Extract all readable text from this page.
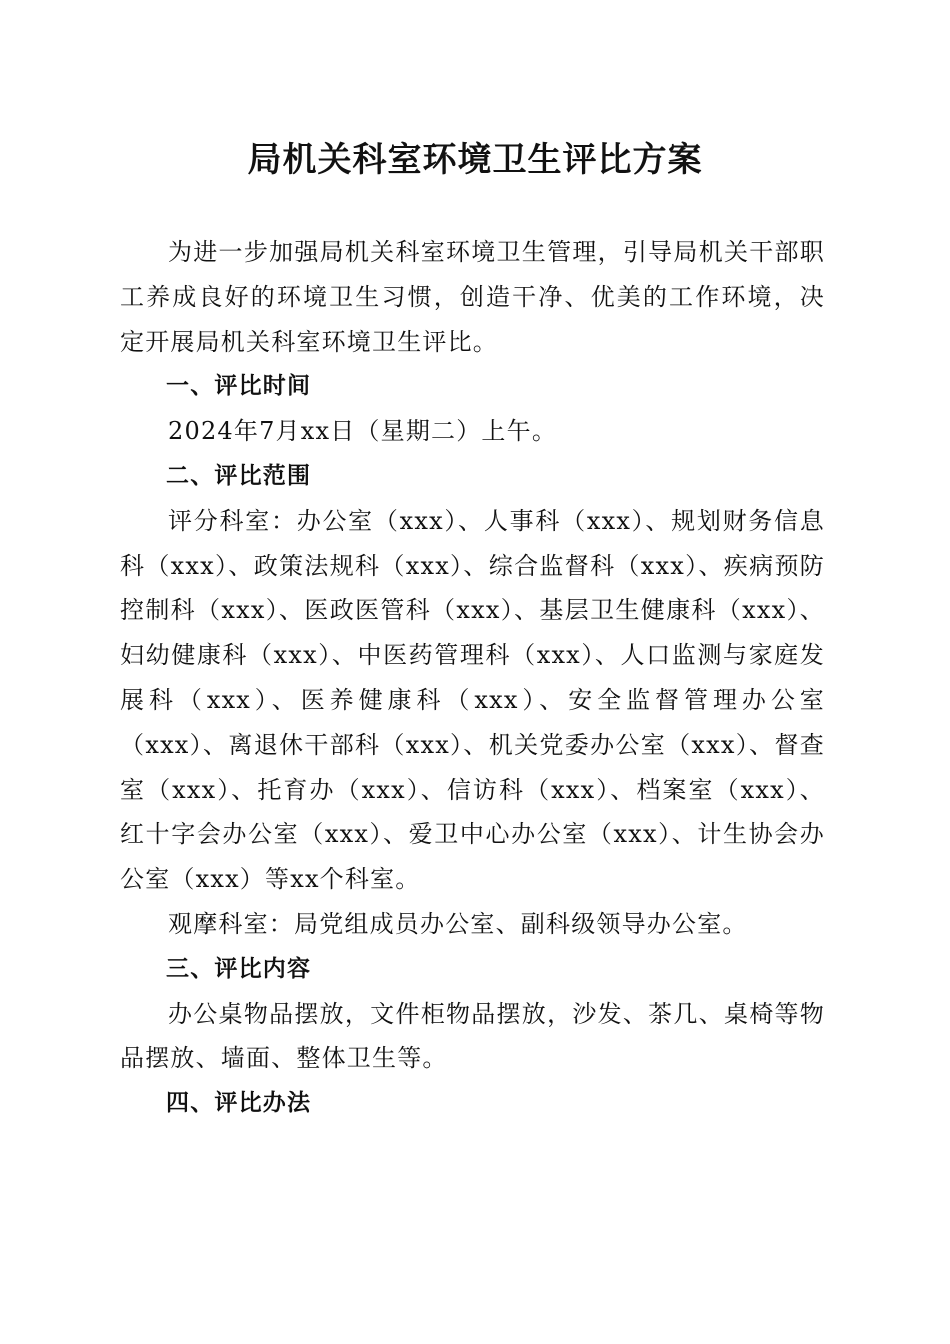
局机关科室环境卫生评比方案

为进一步加强局机关科室环境卫生管理，引导局机关干部职工养成良好的环境卫生习惯，创造干净、优美的工作环境，决定开展局机关科室环境卫生评比。

一、评比时间

2024年7月xx日（星期二）上午。

二、评比范围

评分科室：办公室（xxx）、人事科（xxx）、规划财务信息科（xxx）、政策法规科（xxx）、综合监督科（xxx）、疾病预防控制科（xxx）、医政医管科（xxx）、基层卫生健康科（xxx）、妇幼健康科（xxx）、中医药管理科（xxx）、人口监测与家庭发展科（xxx）、医养健康科（xxx）、安全监督管理办公室（xxx）、离退休干部科（xxx）、机关党委办公室（xxx）、督查室（xxx）、托育办（xxx）、信访科（xxx）、档案室（xxx）、红十字会办公室（xxx）、爱卫中心办公室（xxx）、计生协会办公室（xxx）等xx个科室。

观摩科室：局党组成员办公室、副科级领导办公室。

三、评比内容

办公桌物品摆放，文件柜物品摆放，沙发、茶几、桌椅等物品摆放、墙面、整体卫生等。

四、评比办法
